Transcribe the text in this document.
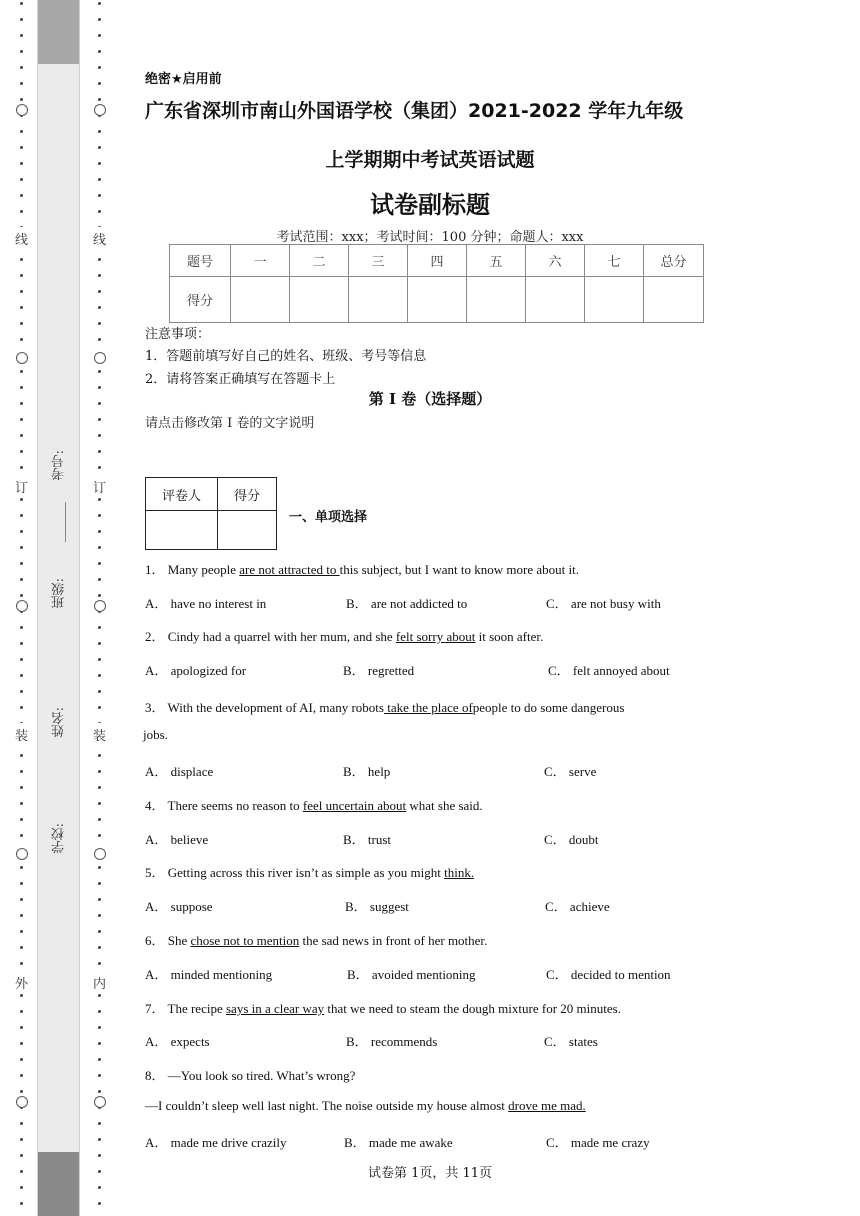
线
订
装
外
线
订
装
内
考号:
班级:
姓名:
学校:
绝密★启用前
广东省深圳市南山外国语学校（集团）2021-2022 学年九年级
上学期期中考试英语试题
试卷副标题
考试范围：xxx；考试时间：100 分钟；命题人：xxx
题号	一	二	三	四	五	六	七	总分
得分								
注意事项：
1．答题前填写好自己的姓名、班级、考号等信息
2．请将答案正确填写在答题卡上
第 I 卷（选择题）
请点击修改第 I 卷的文字说明
评卷人	得分

一、单项选择
1． Many people are not attracted to this subject, but I want to know more about it.
A． have no interest in	B． are not addicted to	C． are not busy with
2． Cindy had a quarrel with her mum, and she felt sorry about it soon after.
A． apologized for	B． regretted	C． felt annoyed about
3． With the development of AI, many robots take the place ofpeople to do some dangerous
jobs.
A． displace	B． help	C． serve
4． There seems no reason to feel uncertain about what she said.
A． believe	B． trust	C． doubt
5． Getting across this river isn’t as simple as you might think.
A． suppose	B． suggest	C． achieve
6． She chose not to mention the sad news in front of her mother.
A． minded mentioning	B． avoided mentioning	C． decided to mention
7． The recipe says in a clear way that we need to steam the dough mixture for 20 minutes.
A． expects	B． recommends	C． states
8． —You look so tired. What’s wrong?
—I couldn’t sleep well last night. The noise outside my house almost drove me mad.
A． made me drive crazily	B． made me awake	C． made me crazy
试卷第 1页，共 11页
